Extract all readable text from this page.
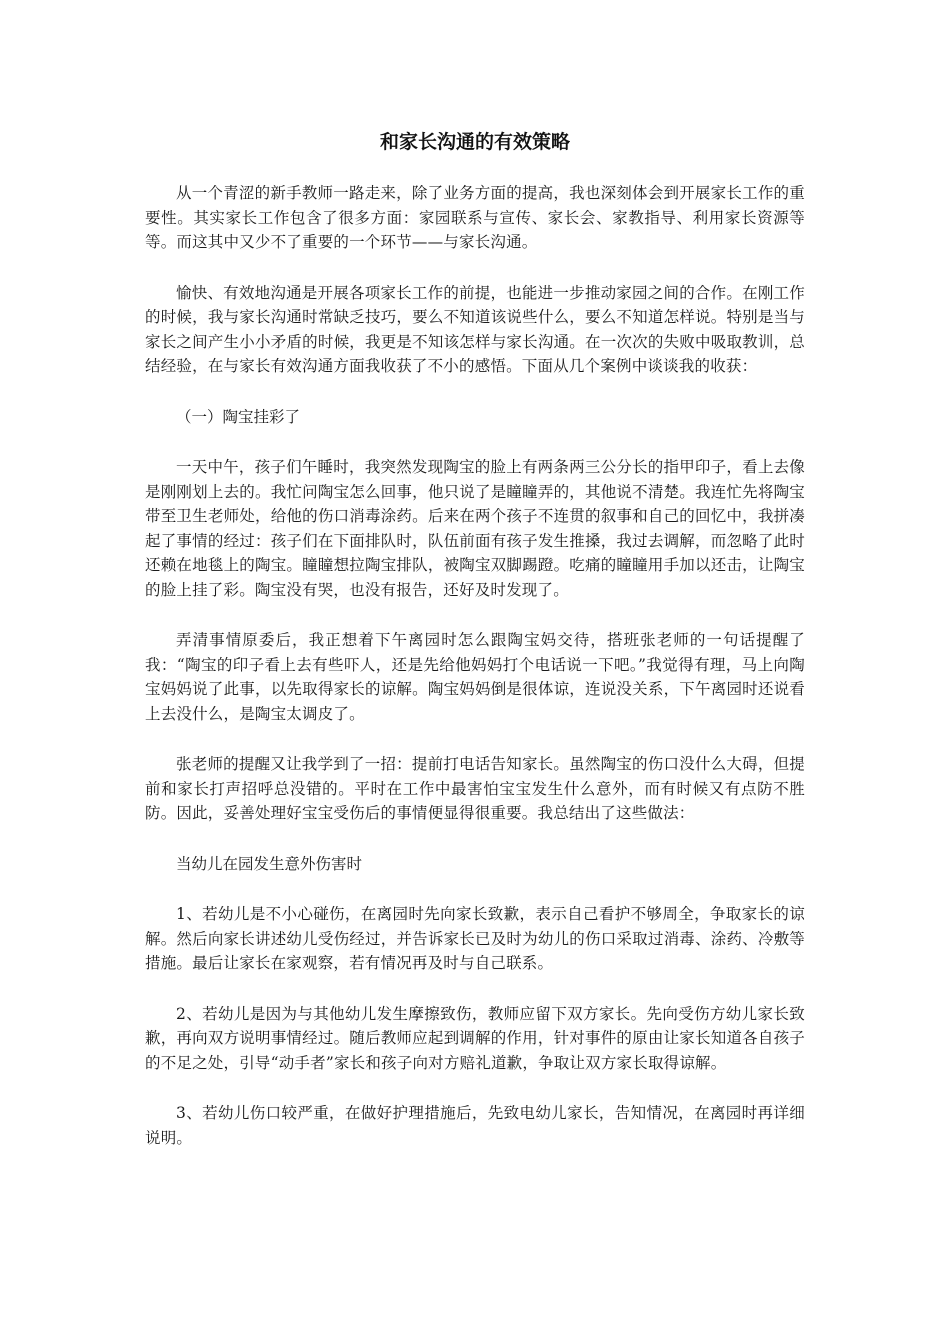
和家长沟通的有效策略

从一个青涩的新手教师一路走来，除了业务方面的提高，我也深刻体会到开展家长工作的重要性。其实家长工作包含了很多方面：家园联系与宣传、家长会、家教指导、利用家长资源等等。而这其中又少不了重要的一个环节——与家长沟通。

愉快、有效地沟通是开展各项家长工作的前提，也能进一步推动家园之间的合作。在刚工作的时候，我与家长沟通时常缺乏技巧，要么不知道该说些什么，要么不知道怎样说。特别是当与家长之间产生小小矛盾的时候，我更是不知该怎样与家长沟通。在一次次的失败中吸取教训，总结经验，在与家长有效沟通方面我收获了不小的感悟。下面从几个案例中谈谈我的收获：

（一）陶宝挂彩了

一天中午，孩子们午睡时，我突然发现陶宝的脸上有两条两三公分长的指甲印子，看上去像是刚刚划上去的。我忙问陶宝怎么回事，他只说了是瞳瞳弄的，其他说不清楚。我连忙先将陶宝带至卫生老师处，给他的伤口消毒涂药。后来在两个孩子不连贯的叙事和自己的回忆中，我拼凑起了事情的经过：孩子们在下面排队时，队伍前面有孩子发生推搡，我过去调解，而忽略了此时还赖在地毯上的陶宝。瞳瞳想拉陶宝排队，被陶宝双脚踢蹬。吃痛的瞳瞳用手加以还击，让陶宝的脸上挂了彩。陶宝没有哭，也没有报告，还好及时发现了。

弄清事情原委后，我正想着下午离园时怎么跟陶宝妈交待，搭班张老师的一句话提醒了我：“陶宝的印子看上去有些吓人，还是先给他妈妈打个电话说一下吧。”我觉得有理，马上向陶宝妈妈说了此事，以先取得家长的谅解。陶宝妈妈倒是很体谅，连说没关系，下午离园时还说看上去没什么，是陶宝太调皮了。

张老师的提醒又让我学到了一招：提前打电话告知家长。虽然陶宝的伤口没什么大碍，但提前和家长打声招呼总没错的。平时在工作中最害怕宝宝发生什么意外，而有时候又有点防不胜防。因此，妥善处理好宝宝受伤后的事情便显得很重要。我总结出了这些做法：

当幼儿在园发生意外伤害时

1、若幼儿是不小心碰伤，在离园时先向家长致歉，表示自己看护不够周全，争取家长的谅解。然后向家长讲述幼儿受伤经过，并告诉家长已及时为幼儿的伤口采取过消毒、涂药、冷敷等措施。最后让家长在家观察，若有情况再及时与自己联系。

2、若幼儿是因为与其他幼儿发生摩擦致伤，教师应留下双方家长。先向受伤方幼儿家长致歉，再向双方说明事情经过。随后教师应起到调解的作用，针对事件的原由让家长知道各自孩子的不足之处，引导“动手者”家长和孩子向对方赔礼道歉，争取让双方家长取得谅解。

3、若幼儿伤口较严重，在做好护理措施后，先致电幼儿家长，告知情况，在离园时再详细说明。
